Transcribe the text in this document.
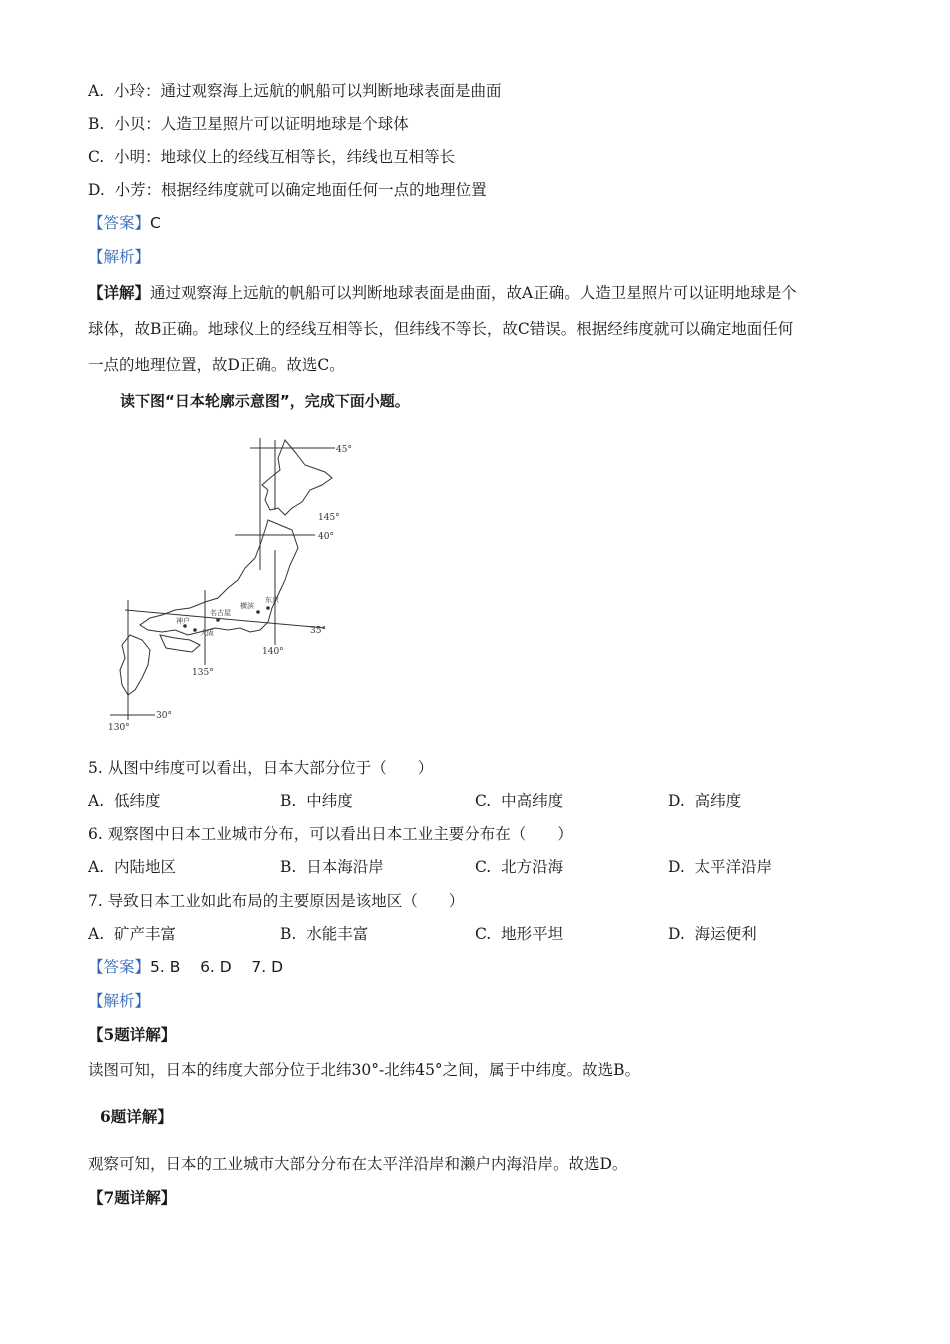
A. 小玲：通过观察海上远航的帆船可以判断地球表面是曲面
B. 小贝：人造卫星照片可以证明地球是个球体
C. 小明：地球仪上的经线互相等长，纬线也互相等长
D. 小芳：根据经纬度就可以确定地面任何一点的地理位置
【答案】C
【解析】
【详解】通过观察海上远航的帆船可以判断地球表面是曲面，故A正确。人造卫星照片可以证明地球是个
球体，故B正确。地球仪上的经线互相等长，但纬线不等长，故C错误。根据经纬度就可以确定地面任何
一点的地理位置，故D正确。故选C。
读下图“日本轮廓示意图”，完成下面小题。
45°
145°
40°
35°
140°
135°
130°
30°
名古屋
横滨
东京
神户
大阪
5. 从图中纬度可以看出，日本大部分位于（　　）
A. 低纬度	B. 中纬度	C. 中高纬度	D. 高纬度
6. 观察图中日本工业城市分布，可以看出日本工业主要分布在（　　）
A. 内陆地区	B. 日本海沿岸	C. 北方沿海	D. 太平洋沿岸
7. 导致日本工业如此布局的主要原因是该地区（　　）
A. 矿产丰富	B. 水能丰富	C. 地形平坦	D. 海运便利
【答案】5. B    6. D    7. D
【解析】
【5题详解】
读图可知，日本的纬度大部分位于北纬30°-北纬45°之间，属于中纬度。故选B。
6题详解】
观察可知，日本的工业城市大部分分布在太平洋沿岸和濑户内海沿岸。故选D。
【7题详解】
